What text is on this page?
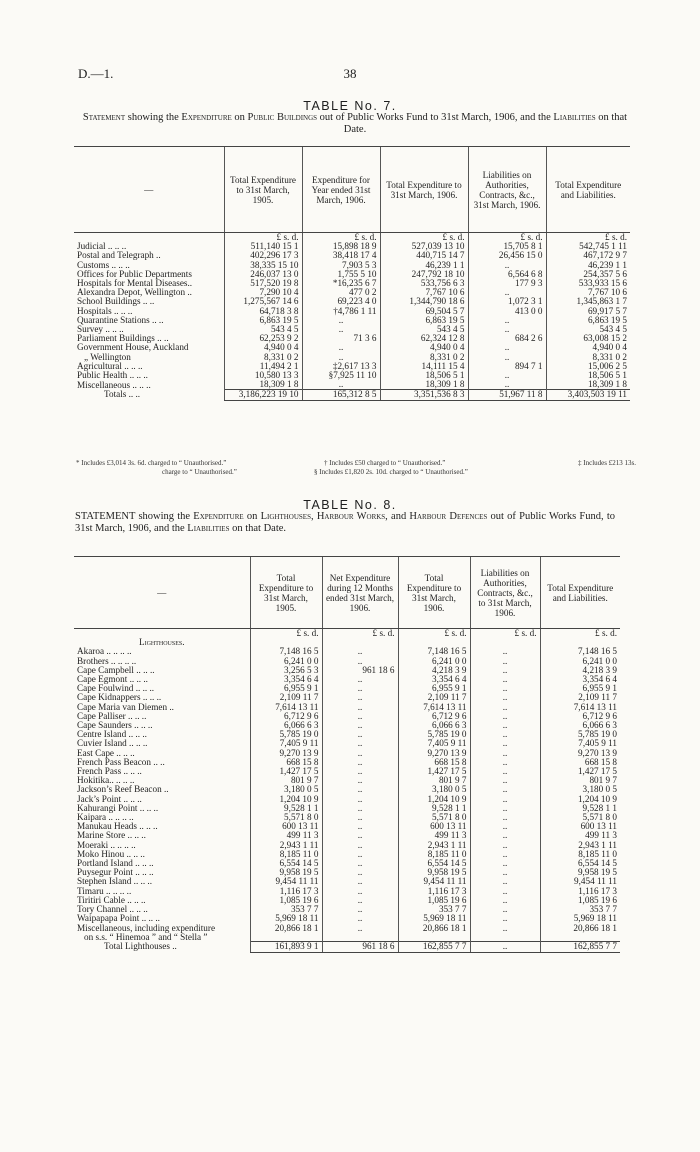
D.—1.	38
TABLE No. 7.
Statement showing the Expenditure on Public Buildings out of Public Works Fund to 31st March, 1906, and the Liabilities on that Date.
—	Total Expenditure to 31st March, 1905.	Expenditure for Year ended 31st March, 1906.	Total Expenditure to 31st March, 1906.	Liabilities on Authorities, Contracts, &c., 31st March, 1906.	Total Expenditure and Liabilities.
	£ s. d.	£ s. d.	£ s. d.	£ s. d.	£ s. d.
Judicial .. .. ..	511,140 15 1	15,898 18 9	527,039 13 10	15,705 8 1	542,745 1 11
Postal and Telegraph ..	402,296 17 3	38,418 17 4	440,715 14 7	26,456 15 0	467,172 9 7
Customs .. .. ..	38,335 15 10	7,903 5 3	46,239 1 1	..	46,239 1 1
Offices for Public Departments	246,037 13 0	1,755 5 10	247,792 18 10	6,564 6 8	254,357 5 6
Hospitals for Mental Diseases..	517,520 19 8	*16,235 6 7	533,756 6 3	177 9 3	533,933 15 6
Alexandra Depot, Wellington ..	7,290 10 4	477 0 2	7,767 10 6	..	7,767 10 6
School Buildings .. ..	1,275,567 14 6	69,223 4 0	1,344,790 18 6	1,072 3 1	1,345,863 1 7
Hospitals .. .. ..	64,718 3 8	†4,786 1 11	69,504 5 7	413 0 0	69,917 5 7
Quarantine Stations .. ..	6,863 19 5	..	6,863 19 5	..	6,863 19 5
Survey .. .. ..	543 4 5	..	543 4 5	..	543 4 5
Parliament Buildings .. ..	62,253 9 2	71 3 6	62,324 12 8	684 2 6	63,008 15 2
Government House, Auckland	4,940 0 4	..	4,940 0 4	..	4,940 0 4
„ Wellington	8,331 0 2	..	8,331 0 2	..	8,331 0 2
Agricultural .. .. ..	11,494 2 1	‡2,617 13 3	14,111 15 4	894 7 1	15,006 2 5
Public Health .. .. ..	10,580 13 3	§7,925 11 10	18,506 5 1	..	18,506 5 1
Miscellaneous .. .. ..	18,309 1 8	..	18,309 1 8	..	18,309 1 8
Totals .. ..	3,186,223 19 10	165,312 8 5	3,351,536 8 3	51,967 11 8	3,403,503 19 11
* Includes £3,014 3s. 6d. charged to “ Unauthorised.”	† Includes £50 charged to “ Unauthorised.”	‡ Includes £213 13s.
charge to “ Unauthorised.”	§ Includes £1,820 2s. 10d. charged to “ Unauthorised.”
TABLE No. 8.
STATEMENT showing the Expenditure on Lighthouses, Harbour Works, and Harbour Defences out of Public Works Fund, to 31st March, 1906, and the Liabilities on that Date.
—	Total Expenditure to 31st March, 1905.	Net Expenditure during 12 Months ended 31st March, 1906.	Total Expenditure to 31st March, 1906.	Liabilities on Authorities, Contracts, &c., to 31st March, 1906.	Total Expenditure and Liabilities.
	£ s. d.	£ s. d.	£ s. d.	£ s. d.	£ s. d.
Lighthouses.					
Akaroa .. .. .. ..	7,148 16 5	..	7,148 16 5	..	7,148 16 5
Brothers .. .. .. ..	6,241 0 0	..	6,241 0 0	..	6,241 0 0
Cape Campbell .. .. ..	3,256 5 3	961 18 6	4,218 3 9	..	4,218 3 9
Cape Egmont .. .. ..	3,354 6 4	..	3,354 6 4	..	3,354 6 4
Cape Foulwind .. .. ..	6,955 9 1	..	6,955 9 1	..	6,955 9 1
Cape Kidnappers .. .. ..	2,109 11 7	..	2,109 11 7	..	2,109 11 7
Cape Maria van Diemen ..	7,614 13 11	..	7,614 13 11	..	7,614 13 11
Cape Palliser .. .. ..	6,712 9 6	..	6,712 9 6	..	6,712 9 6
Cape Saunders .. .. ..	6,066 6 3	..	6,066 6 3	..	6,066 6 3
Centre Island .. .. ..	5,785 19 0	..	5,785 19 0	..	5,785 19 0
Cuvier Island .. .. ..	7,405 9 11	..	7,405 9 11	..	7,405 9 11
East Cape .. .. ..	9,270 13 9	..	9,270 13 9	..	9,270 13 9
French Pass Beacon .. ..	668 15 8	..	668 15 8	..	668 15 8
French Pass .. .. ..	1,427 17 5	..	1,427 17 5	..	1,427 17 5
Hokitika.. .. .. ..	801 9 7	..	801 9 7	..	801 9 7
Jackson’s Reef Beacon ..	3,180 0 5	..	3,180 0 5	..	3,180 0 5
Jack’s Point .. .. ..	1,204 10 9	..	1,204 10 9	..	1,204 10 9
Kahurangi Point .. .. ..	9,528 1 1	..	9,528 1 1	..	9,528 1 1
Kaipara .. .. .. ..	5,571 8 0	..	5,571 8 0	..	5,571 8 0
Manukau Heads .. .. ..	600 13 11	..	600 13 11	..	600 13 11
Marine Store .. .. ..	499 11 3	..	499 11 3	..	499 11 3
Moeraki .. .. .. ..	2,943 1 11	..	2,943 1 11	..	2,943 1 11
Moko Hinou .. .. ..	8,185 11 0	..	8,185 11 0	..	8,185 11 0
Portland Island .. .. ..	6,554 14 5	..	6,554 14 5	..	6,554 14 5
Puysegur Point .. .. ..	9,958 19 5	..	9,958 19 5	..	9,958 19 5
Stephen Island .. .. ..	9,454 11 11	..	9,454 11 11	..	9,454 11 11
Timaru .. .. .. ..	1,116 17 3	..	1,116 17 3	..	1,116 17 3
Tiritiri Cable .. .. ..	1,085 19 6	..	1,085 19 6	..	1,085 19 6
Tory Channel .. .. ..	353 7 7	..	353 7 7	..	353 7 7
Waipapapa Point .. .. ..	5,969 18 11	..	5,969 18 11	..	5,969 18 11
Miscellaneous, including expenditure	20,866 18 1	..	20,866 18 1	..	20,866 18 1
on s.s. “ Hinemoa ” and “ Stella ”					
Total Lighthouses ..	161,893 9 1	961 18 6	162,855 7 7	..	162,855 7 7
